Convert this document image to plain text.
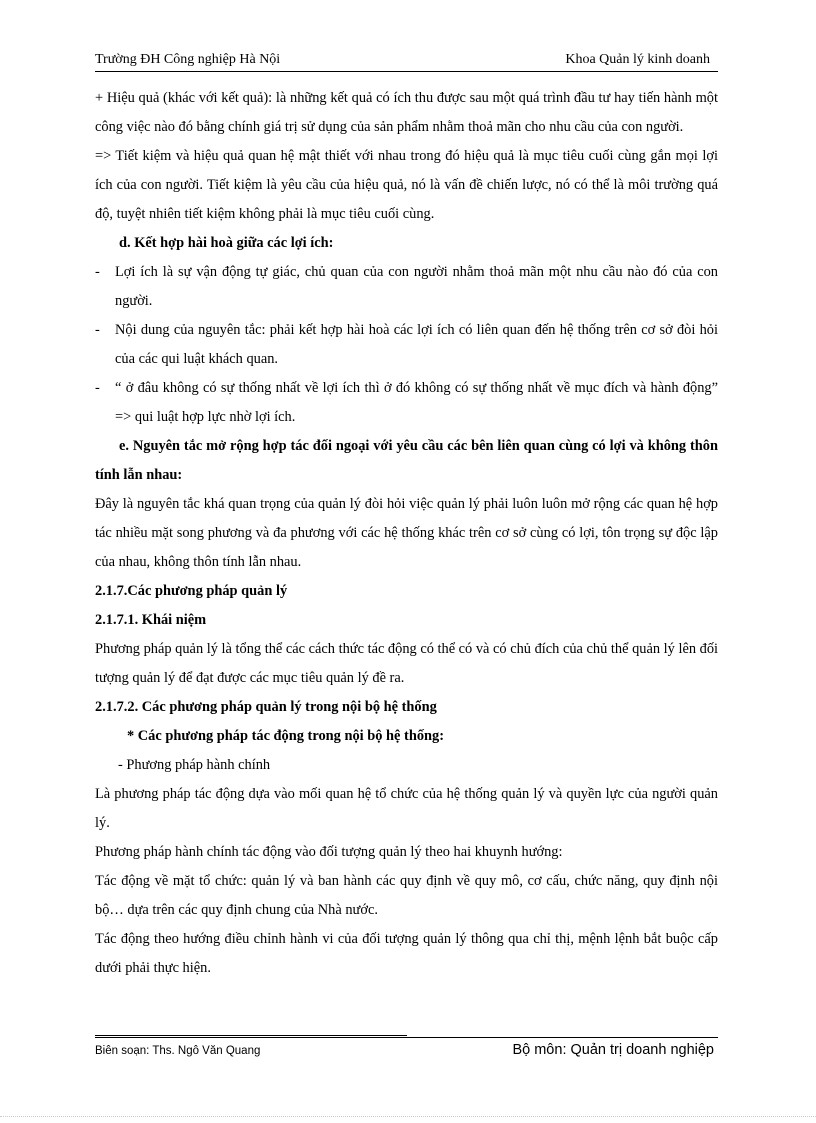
Trường ĐH Công nghiệp Hà Nội	Khoa Quản lý kinh doanh

+ Hiệu quả (khác với kết quả): là những kết quả có ích thu được sau một quá trình đầu tư hay tiến hành một công việc nào đó bằng chính giá trị sử dụng của sản phẩm nhằm thoả mãn cho nhu cầu của con người.

=> Tiết kiệm và hiệu quả quan hệ mật thiết với nhau trong đó hiệu quả là mục tiêu cuối cùng gắn mọi lợi ích của con người. Tiết kiệm là yêu cầu của hiệu quả, nó là vấn đề chiến lược, nó có thể là môi trường quá độ, tuyệt nhiên tiết kiệm không phải là mục tiêu cuối cùng.

d. Kết hợp hài hoà giữa các lợi ích:

- Lợi ích là sự vận động tự giác, chủ quan của con người nhằm thoả mãn một nhu cầu nào đó của con người.

- Nội dung của nguyên tắc: phải kết hợp hài hoà các lợi ích có liên quan đến hệ thống trên cơ sở đòi hỏi của các qui luật khách quan.

- “ ở đâu không có sự thống nhất về lợi ích thì ở đó không có sự thống nhất về mục đích và hành động” => qui luật hợp lực nhờ lợi ích.

e. Nguyên tắc mở rộng hợp tác đối ngoại với yêu cầu các bên liên quan cùng có lợi và không thôn tính lẫn nhau:

Đây là nguyên tắc khá quan trọng của quản lý đòi hỏi việc quản lý phải luôn luôn mở rộng các quan hệ hợp tác nhiều mặt song phương và đa phương với các hệ thống khác trên cơ sở cùng có lợi, tôn trọng sự độc lập của nhau, không thôn tính lẫn nhau.

2.1.7.Các phương pháp quản lý

2.1.7.1. Khái niệm

Phương pháp quản lý là tổng thể các cách thức tác động có thể có và có chủ đích của chủ thể quản lý lên đối tượng quản lý để đạt được các mục tiêu quản lý đề ra.

2.1.7.2. Các phương pháp quản lý trong nội bộ hệ thống

* Các phương pháp tác động trong nội bộ hệ thống:

- Phương pháp hành chính

Là phương pháp tác động dựa vào mối quan hệ tổ chức của hệ thống quản lý và quyền lực của người quản lý.

Phương pháp hành chính tác động vào đối tượng quản lý theo hai khuynh hướng:

Tác động về mặt tổ chức: quản lý và ban hành các quy định về quy mô, cơ cấu, chức năng, quy định nội bộ… dựa trên các quy định chung của Nhà nước.

Tác động theo hướng điều chỉnh hành vi của đối tượng quản lý thông qua chỉ thị, mệnh lệnh bắt buộc cấp dưới phải thực hiện.

Biên soạn: Ths. Ngô Văn Quang	Bộ môn: Quản trị doanh nghiệp
